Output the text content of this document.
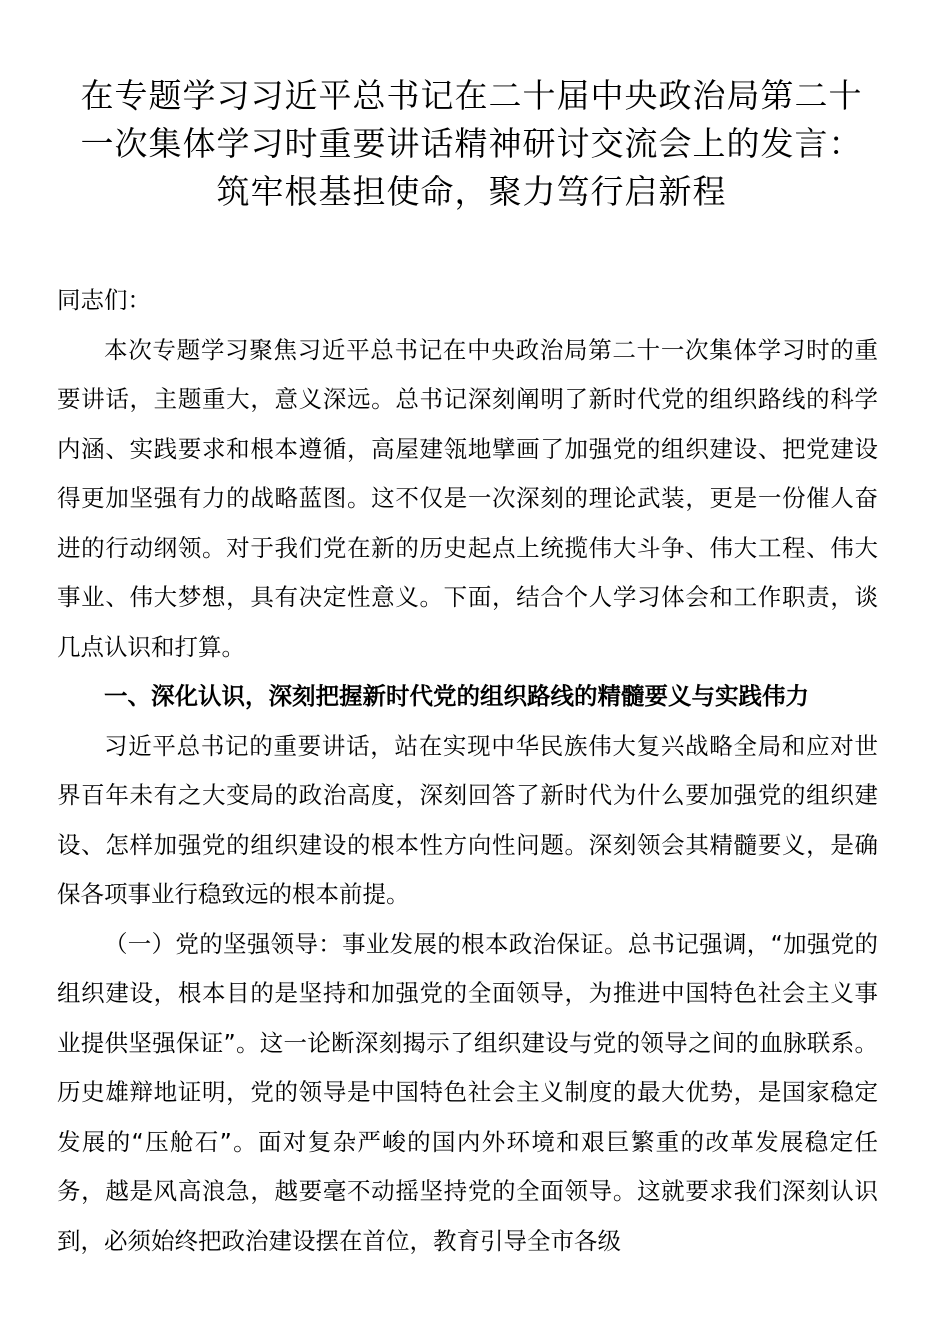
在专题学习习近平总书记在二十届中央政治局第二十一次集体学习时重要讲话精神研讨交流会上的发言：筑牢根基担使命，聚力笃行启新程

同志们：

本次专题学习聚焦习近平总书记在中央政治局第二十一次集体学习时的重要讲话，主题重大，意义深远。总书记深刻阐明了新时代党的组织路线的科学内涵、实践要求和根本遵循，高屋建瓴地擘画了加强党的组织建设、把党建设得更加坚强有力的战略蓝图。这不仅是一次深刻的理论武装，更是一份催人奋进的行动纲领。对于我们党在新的历史起点上统揽伟大斗争、伟大工程、伟大事业、伟大梦想，具有决定性意义。下面，结合个人学习体会和工作职责，谈几点认识和打算。

一、深化认识，深刻把握新时代党的组织路线的精髓要义与实践伟力

习近平总书记的重要讲话，站在实现中华民族伟大复兴战略全局和应对世界百年未有之大变局的政治高度，深刻回答了新时代为什么要加强党的组织建设、怎样加强党的组织建设的根本性方向性问题。深刻领会其精髓要义，是确保各项事业行稳致远的根本前提。

（一）党的坚强领导：事业发展的根本政治保证。总书记强调，“加强党的组织建设，根本目的是坚持和加强党的全面领导，为推进中国特色社会主义事业提供坚强保证”。这一论断深刻揭示了组织建设与党的领导之间的血脉联系。历史雄辩地证明，党的领导是中国特色社会主义制度的最大优势，是国家稳定发展的“压舱石”。面对复杂严峻的国内外环境和艰巨繁重的改革发展稳定任务，越是风高浪急，越要毫不动摇坚持党的全面领导。这就要求我们深刻认识到，必须始终把政治建设摆在首位，教育引导全市各级
